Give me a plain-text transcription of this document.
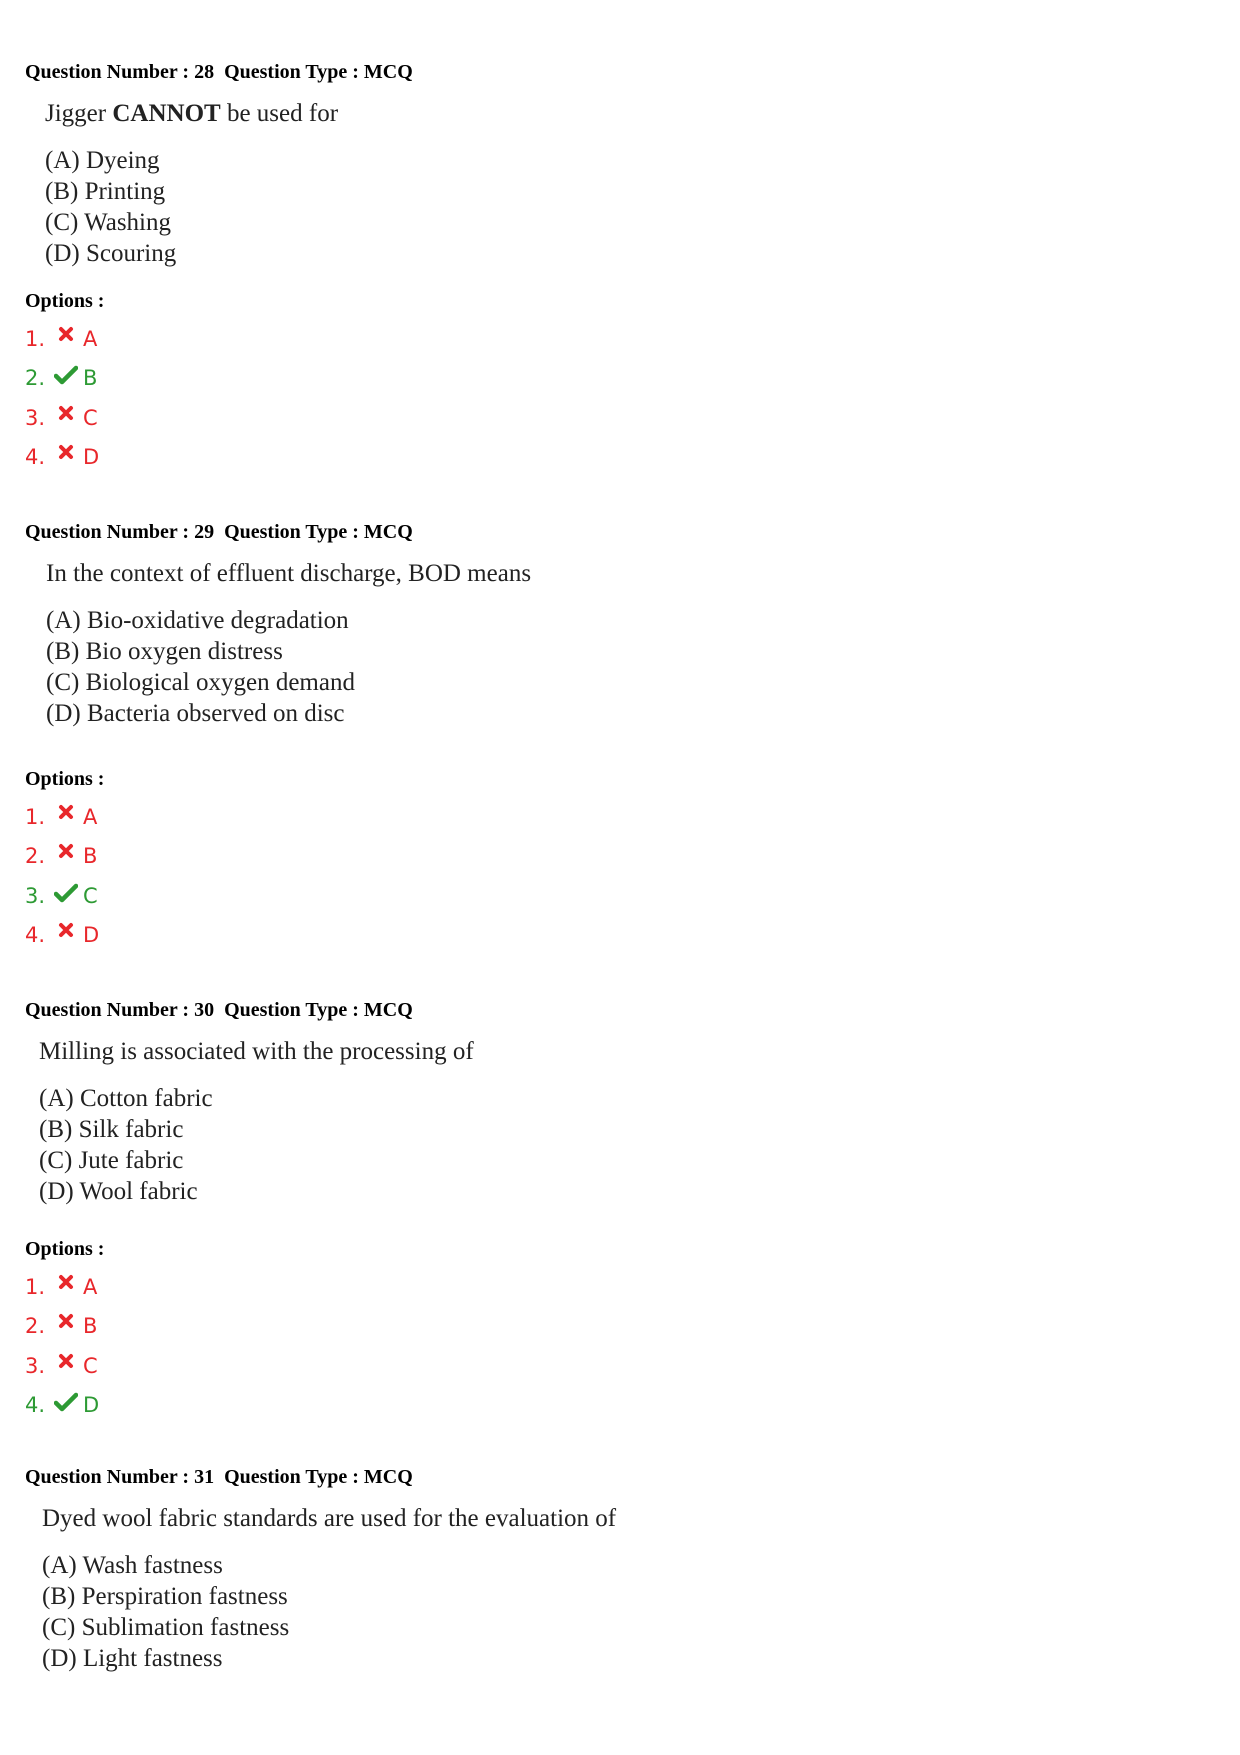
Question Number : 28  Question Type : MCQ
Jigger CANNOT be used for
(A) Dyeing
(B) Printing
(C) Washing
(D) Scouring
Options :
1.	A
2.	B
3.	C
4.	D
Question Number : 29  Question Type : MCQ
In the context of effluent discharge, BOD means
(A) Bio-oxidative degradation
(B) Bio oxygen distress
(C) Biological oxygen demand
(D) Bacteria observed on disc
Options :
1.	A
2.	B
3.	C
4.	D
Question Number : 30  Question Type : MCQ
Milling is associated with the processing of
(A) Cotton fabric
(B) Silk fabric
(C) Jute fabric
(D) Wool fabric
Options :
1.	A
2.	B
3.	C
4.	D
Question Number : 31  Question Type : MCQ
Dyed wool fabric standards are used for the evaluation of
(A) Wash fastness
(B) Perspiration fastness
(C) Sublimation fastness
(D) Light fastness
